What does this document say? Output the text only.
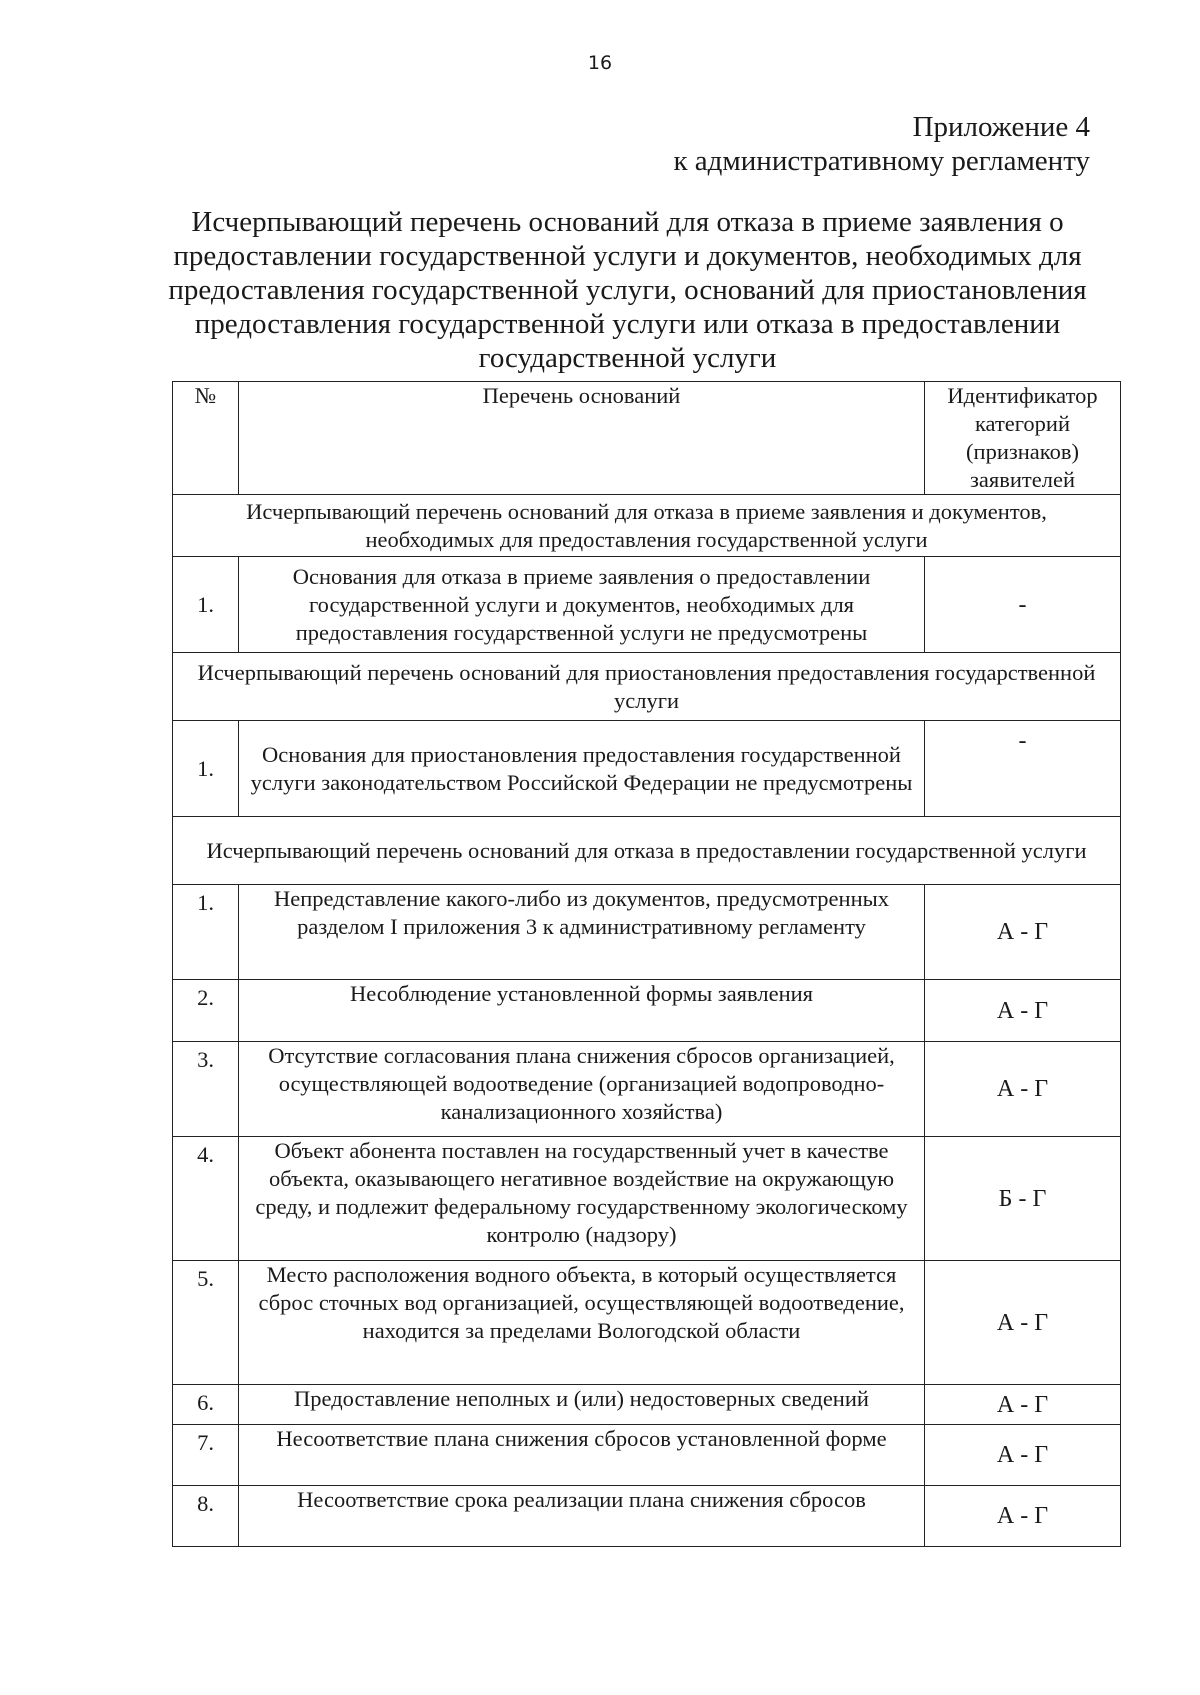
16
Приложение 4
к административному регламенту
Исчерпывающий перечень оснований для отказа в приеме заявления о предоставлении государственной услуги и документов, необходимых для предоставления государственной услуги, оснований для приостановления предоставления государственной услуги или отказа в предоставлении государственной услуги
№	Перечень оснований	Идентификатор категорий (признаков) заявителей
Исчерпывающий перечень оснований для отказа в приеме заявления и документов, необходимых для предоставления государственной услуги		
1.	Основания для отказа в приеме заявления о предоставлении государственной услуги и документов, необходимых для предоставления государственной услуги не предусмотрены	-
Исчерпывающий перечень оснований для приостановления предоставления государственной услуги		
1.	Основания для приостановления предоставления государственной услуги законодательством Российской Федерации не предусмотрены	-
Исчерпывающий перечень оснований для отказа в предоставлении государственной услуги		
1.	Непредставление какого-либо из документов, предусмотренных разделом I приложения 3 к административному регламенту	А - Г
2.	Несоблюдение установленной формы заявления	А - Г
3.	Отсутствие согласования плана снижения сбросов организацией, осуществляющей водоотведение (организацией водопроводно-канализационного хозяйства)	А - Г
4.	Объект абонента поставлен на государственный учет в качестве объекта, оказывающего негативное воздействие на окружающую среду, и подлежит федеральному государственному экологическому контролю (надзору)	Б - Г
5.	Место расположения водного объекта, в который осуществляется сброс сточных вод организацией, осуществляющей водоотведение, находится за пределами Вологодской области	А - Г
6.	Предоставление неполных и (или) недостоверных сведений	А - Г
7.	Несоответствие плана снижения сбросов установленной форме	А - Г
8.	Несоответствие срока реализации плана снижения сбросов	А - Г
